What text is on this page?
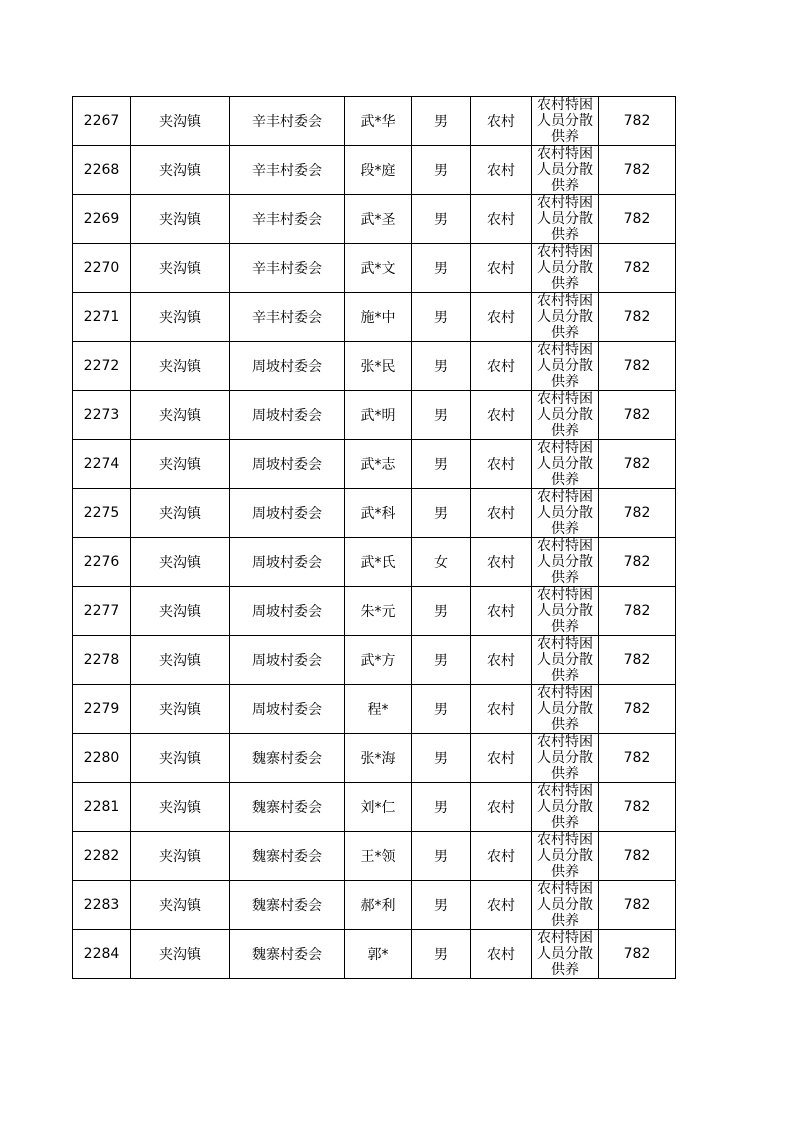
2267	夹沟镇	辛丰村委会	武*华	男	农村	农村特困人员分散供养	782
2268	夹沟镇	辛丰村委会	段*庭	男	农村	农村特困人员分散供养	782
2269	夹沟镇	辛丰村委会	武*圣	男	农村	农村特困人员分散供养	782
2270	夹沟镇	辛丰村委会	武*文	男	农村	农村特困人员分散供养	782
2271	夹沟镇	辛丰村委会	施*中	男	农村	农村特困人员分散供养	782
2272	夹沟镇	周坡村委会	张*民	男	农村	农村特困人员分散供养	782
2273	夹沟镇	周坡村委会	武*明	男	农村	农村特困人员分散供养	782
2274	夹沟镇	周坡村委会	武*志	男	农村	农村特困人员分散供养	782
2275	夹沟镇	周坡村委会	武*科	男	农村	农村特困人员分散供养	782
2276	夹沟镇	周坡村委会	武*氏	女	农村	农村特困人员分散供养	782
2277	夹沟镇	周坡村委会	朱*元	男	农村	农村特困人员分散供养	782
2278	夹沟镇	周坡村委会	武*方	男	农村	农村特困人员分散供养	782
2279	夹沟镇	周坡村委会	程*	男	农村	农村特困人员分散供养	782
2280	夹沟镇	魏寨村委会	张*海	男	农村	农村特困人员分散供养	782
2281	夹沟镇	魏寨村委会	刘*仁	男	农村	农村特困人员分散供养	782
2282	夹沟镇	魏寨村委会	王*领	男	农村	农村特困人员分散供养	782
2283	夹沟镇	魏寨村委会	郝*利	男	农村	农村特困人员分散供养	782
2284	夹沟镇	魏寨村委会	郭*	男	农村	农村特困人员分散供养	782
